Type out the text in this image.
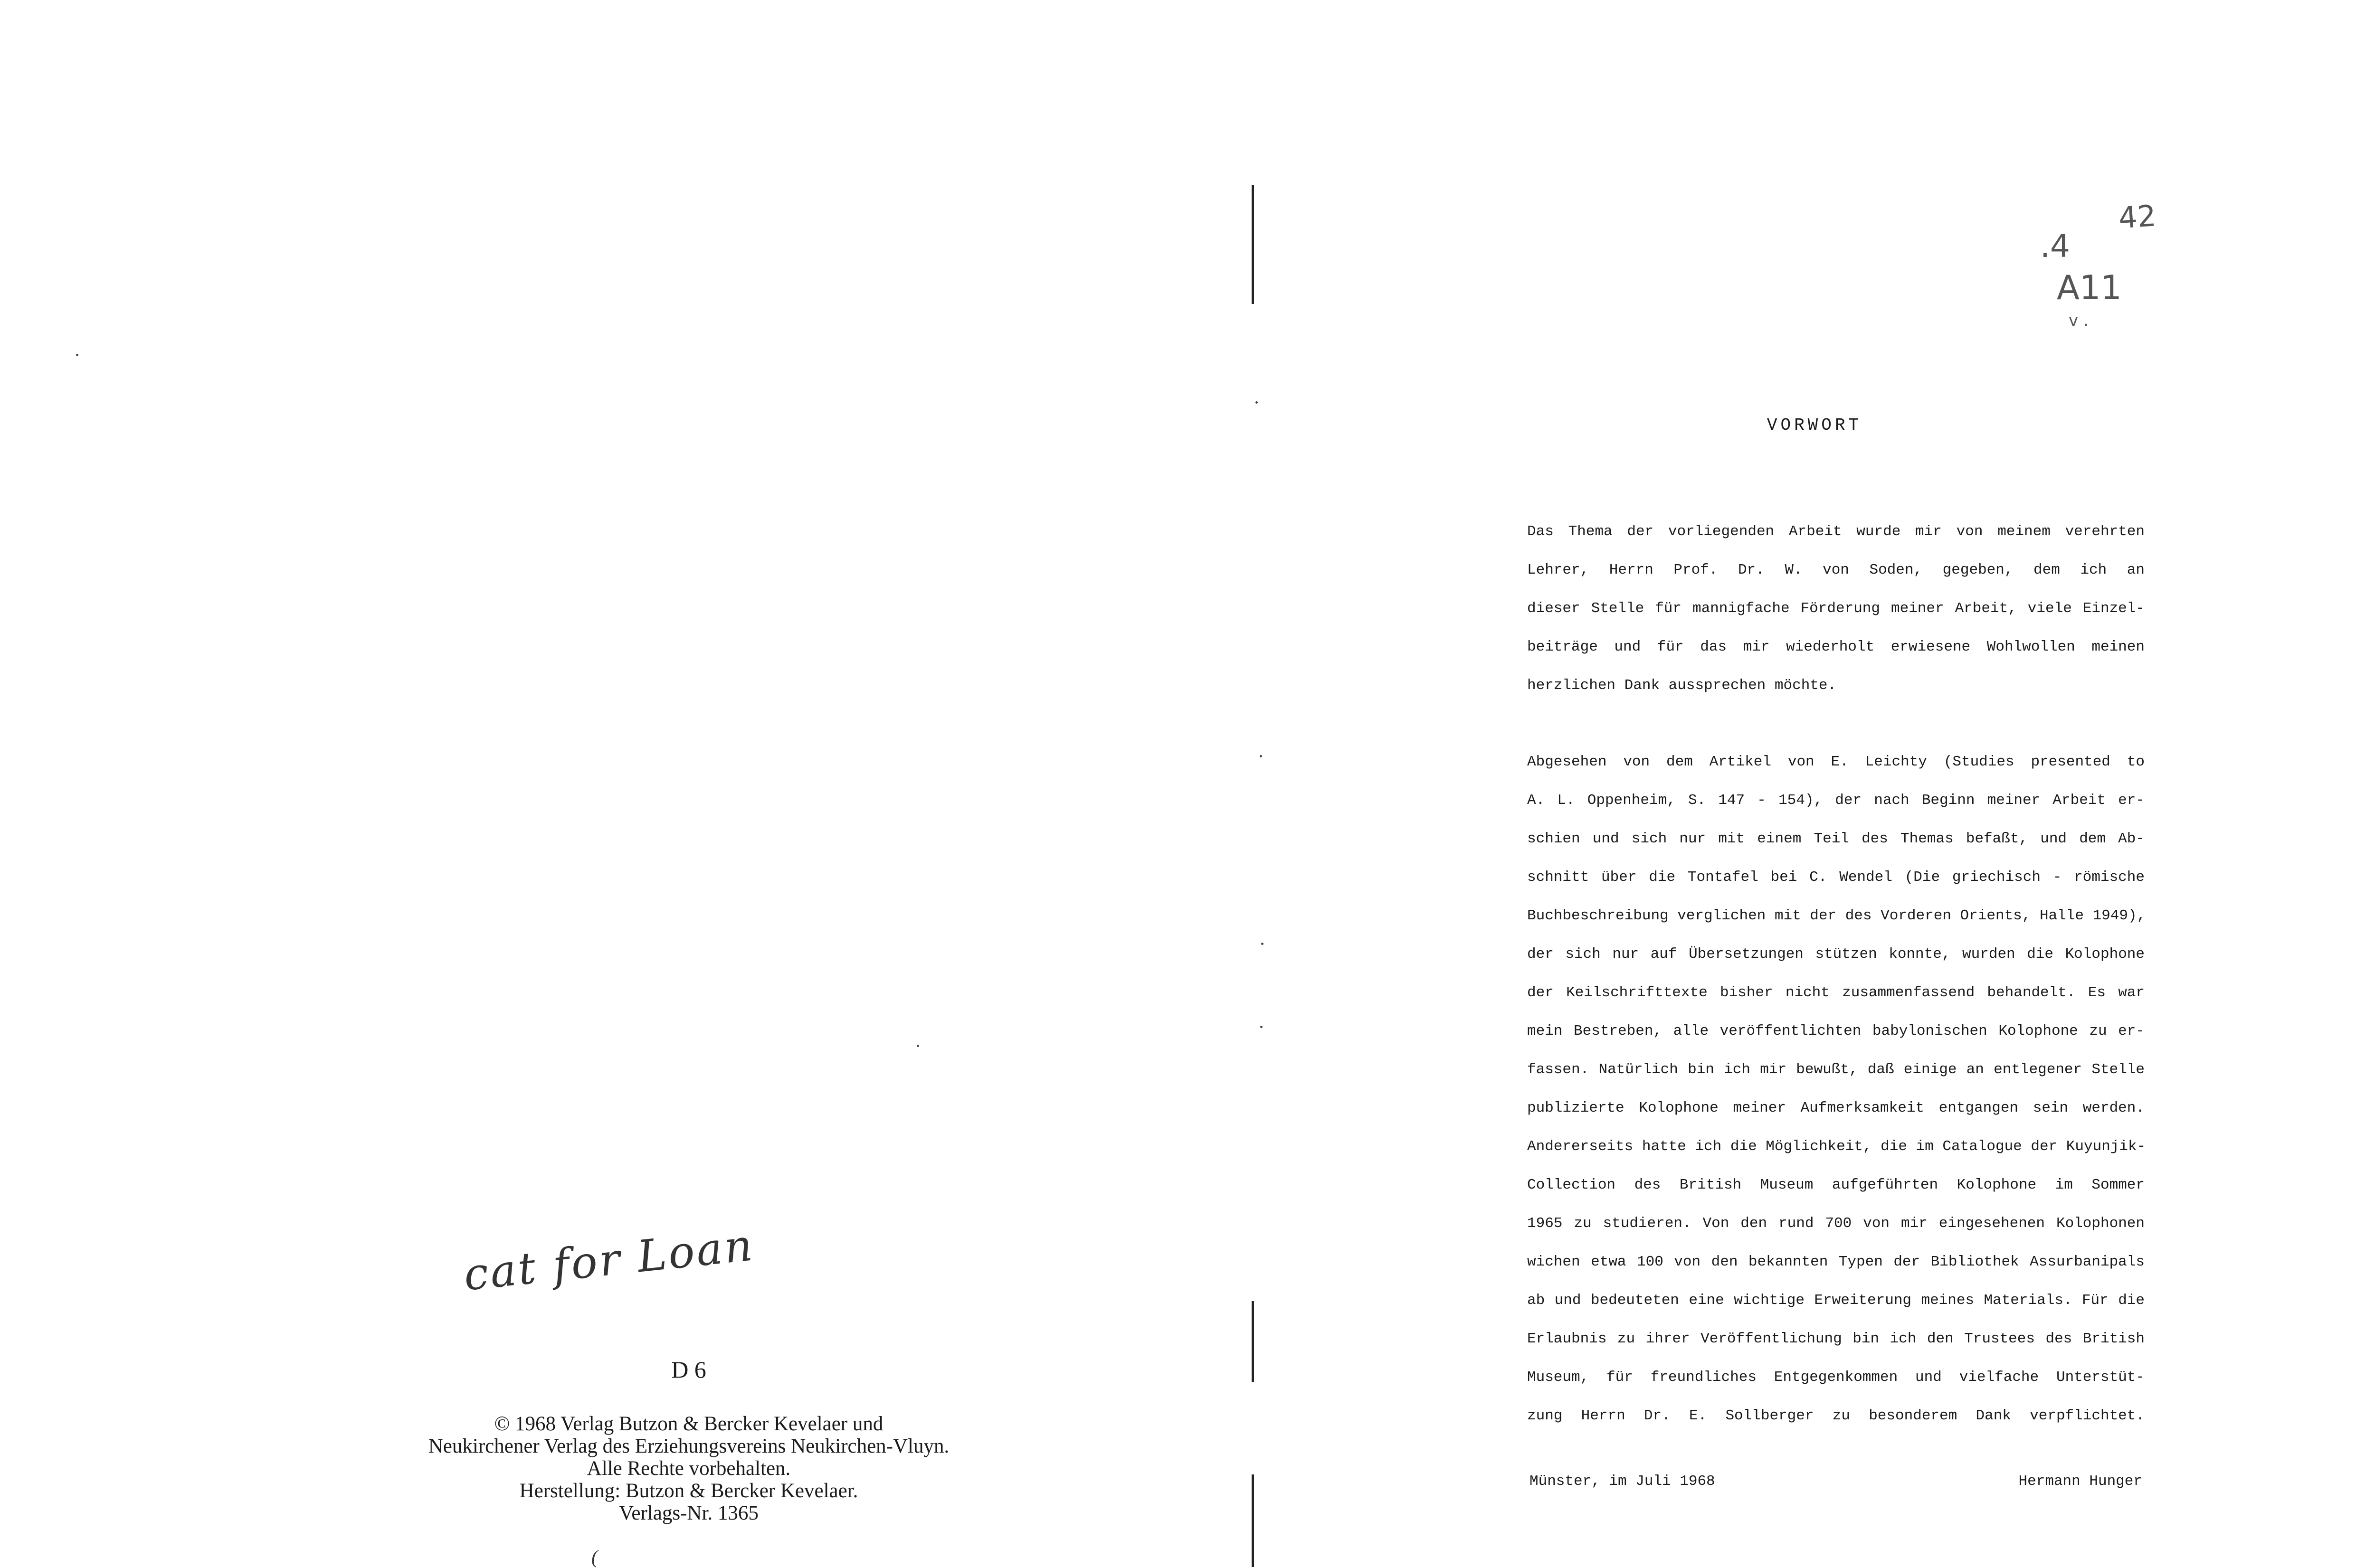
cat for Loan
D 6
© 1968 Verlag Butzon & Bercker Kevelaer und
Neukirchener Verlag des Erziehungsvereins Neukirchen-Vluyn.
Alle Rechte vorbehalten.
Herstellung: Butzon & Bercker Kevelaer.
Verlags-Nr. 1365
(
42
.4
A11
v .
VORWORT
Das Thema der vorliegenden Arbeit wurde mir von meinem verehrten
Lehrer, Herrn Prof. Dr. W. von Soden, gegeben, dem ich an
dieser Stelle für mannigfache Förderung meiner Arbeit, viele Einzel-
beiträge und für das mir wiederholt erwiesene Wohlwollen meinen
herzlichen Dank aussprechen möchte.
Abgesehen von dem Artikel von E. Leichty (Studies presented to
A. L. Oppenheim, S. 147 - 154), der nach Beginn meiner Arbeit er-
schien und sich nur mit einem Teil des Themas befaßt, und dem Ab-
schnitt über die Tontafel bei C. Wendel (Die griechisch - römische
Buchbeschreibung verglichen mit der des Vorderen Orients, Halle 1949),
der sich nur auf Übersetzungen stützen konnte, wurden die Kolophone
der Keilschrifttexte bisher nicht zusammenfassend behandelt. Es war
mein Bestreben, alle veröffentlichten babylonischen Kolophone zu er-
fassen. Natürlich bin ich mir bewußt, daß einige an entlegener Stelle
publizierte Kolophone meiner Aufmerksamkeit entgangen sein werden.
Andererseits hatte ich die Möglichkeit, die im Catalogue der Kuyunjik-
Collection des British Museum aufgeführten Kolophone im Sommer
1965 zu studieren. Von den rund 700 von mir eingesehenen Kolophonen
wichen etwa 100 von den bekannten Typen der Bibliothek Assurbanipals
ab und bedeuteten eine wichtige Erweiterung meines Materials. Für die
Erlaubnis zu ihrer Veröffentlichung bin ich den Trustees des British
Museum, für freundliches Entgegenkommen und vielfache Unterstüt-
zung Herrn Dr. E. Sollberger zu besonderem Dank verpflichtet.
Münster, im Juli 1968	Hermann Hunger
